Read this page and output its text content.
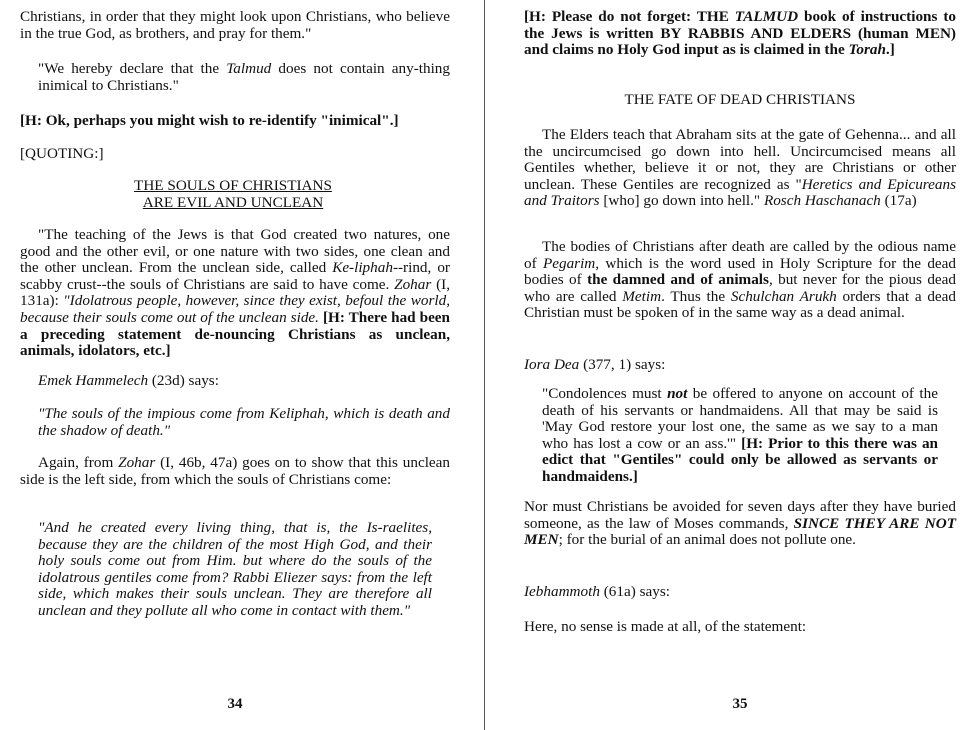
Christians, in order that they might look upon Christians, who believe in the true God, as brothers, and pray for them."

"We hereby declare that the Talmud does not contain any-thing inimical to Christians."

[H: Ok, perhaps you might wish to re-identify "inimical".]

[QUOTING:]

THE SOULS OF CHRISTIANS
ARE EVIL AND UNCLEAN

"The teaching of the Jews is that God created two natures, one good and the other evil, or one nature with two sides, one clean and the other unclean. From the unclean side, called Ke-liphah--rind, or scabby crust--the souls of Christians are said to have come. Zohar (I, 131a): "Idolatrous people, however, since they exist, befoul the world, because their souls come out of the unclean side. [H: There had been a preceding statement de-nouncing Christians as unclean, animals, idolators, etc.]

Emek Hammelech (23d) says:

"The souls of the impious come from Keliphah, which is death and the shadow of death."

Again, from Zohar (I, 46b, 47a) goes on to show that this unclean side is the left side, from which the souls of Christians come:

"And he created every living thing, that is, the Is-raelites, because they are the children of the most High God, and their holy souls come out from Him. but where do the souls of the idolatrous gentiles come from? Rabbi Eliezer says: from the left side, which makes their souls unclean. They are therefore all unclean and they pollute all who come in contact with them."

34

[H: Please do not forget: THE TALMUD book of instructions to the Jews is written BY RABBIS AND ELDERS (human MEN) and claims no Holy God input as is claimed in the Torah.]

THE FATE OF DEAD CHRISTIANS

The Elders teach that Abraham sits at the gate of Gehenna... and all the uncircumcised go down into hell. Uncircumcised means all Gentiles whether, believe it or not, they are Christians or other unclean. These Gentiles are recognized as "Heretics and Epicureans and Traitors [who] go down into hell." Rosch Haschanach (17a)

The bodies of Christians after death are called by the odious name of Pegarim, which is the word used in Holy Scripture for the dead bodies of the damned and of animals, but never for the pious dead who are called Metim. Thus the Schulchan Arukh orders that a dead Christian must be spoken of in the same way as a dead animal.

Iora Dea (377, 1) says:

"Condolences must not be offered to anyone on account of the death of his servants or handmaidens. All that may be said is 'May God restore your lost one, the same as we say to a man who has lost a cow or an ass.'" [H: Prior to this there was an edict that "Gentiles" could only be allowed as servants or handmaidens.]

Nor must Christians be avoided for seven days after they have buried someone, as the law of Moses commands, SINCE THEY ARE NOT MEN; for the burial of an animal does not pollute one.

Iebhammoth (61a) says:

Here, no sense is made at all, of the statement:

35
